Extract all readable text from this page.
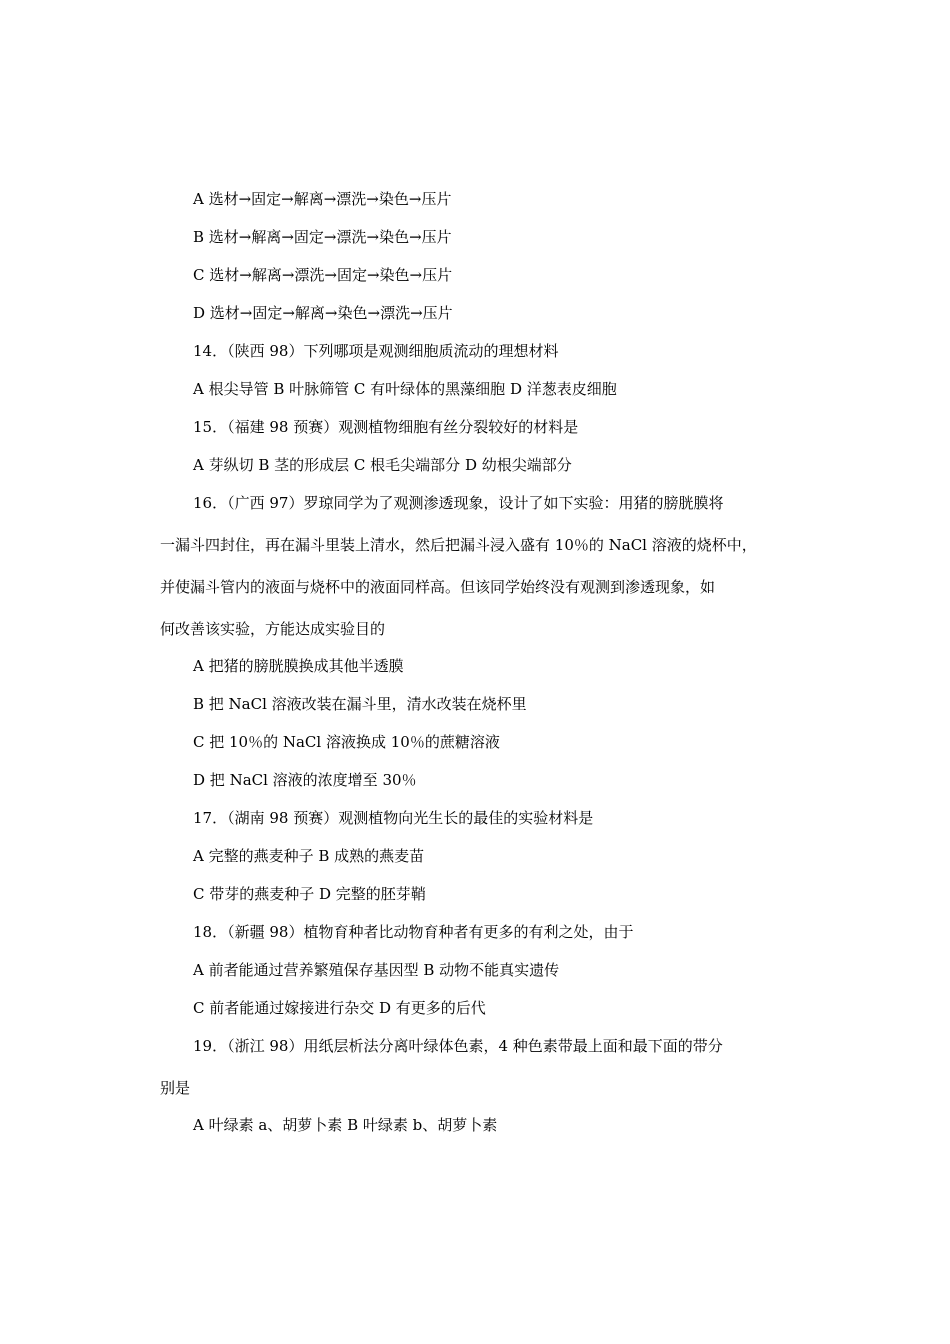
A 选材→固定→解离→漂洗→染色→压片
B 选材→解离→固定→漂洗→染色→压片
C 选材→解离→漂洗→固定→染色→压片
D 选材→固定→解离→染色→漂洗→压片
14．（陕西 98）下列哪项是观测细胞质流动的理想材料
A 根尖导管 B 叶脉筛管 C 有叶绿体的黑藻细胞 D 洋葱表皮细胞
15．（福建 98 预赛）观测植物细胞有丝分裂较好的材料是
A 芽纵切 B 茎的形成层 C 根毛尖端部分 D 幼根尖端部分
16．（广西 97）罗琼同学为了观测渗透现象，设计了如下实验：用猪的膀胱膜将
一漏斗四封住，再在漏斗里装上清水，然后把漏斗浸入盛有 10％的 NaCl 溶液的烧杯中，
并使漏斗管内的液面与烧杯中的液面同样高。但该同学始终没有观测到渗透现象，如
何改善该实验，方能达成实验目的
A 把猪的膀胱膜换成其他半透膜
B 把 NaCl 溶液改装在漏斗里，清水改装在烧杯里
C 把 10％的 NaCl 溶液换成 10％的蔗糖溶液
D 把 NaCl 溶液的浓度增至 30％
17．（湖南 98 预赛）观测植物向光生长的最佳的实验材料是
A 完整的燕麦种子 B 成熟的燕麦苗
C 带芽的燕麦种子 D 完整的胚芽鞘
18．（新疆 98）植物育种者比动物育种者有更多的有利之处，由于
A 前者能通过营养繁殖保存基因型 B 动物不能真实遗传
C 前者能通过嫁接进行杂交 D 有更多的后代
19．（浙江 98）用纸层析法分离叶绿体色素，4 种色素带最上面和最下面的带分
别是
A 叶绿素 a、胡萝卜素 B 叶绿素 b、胡萝卜素
